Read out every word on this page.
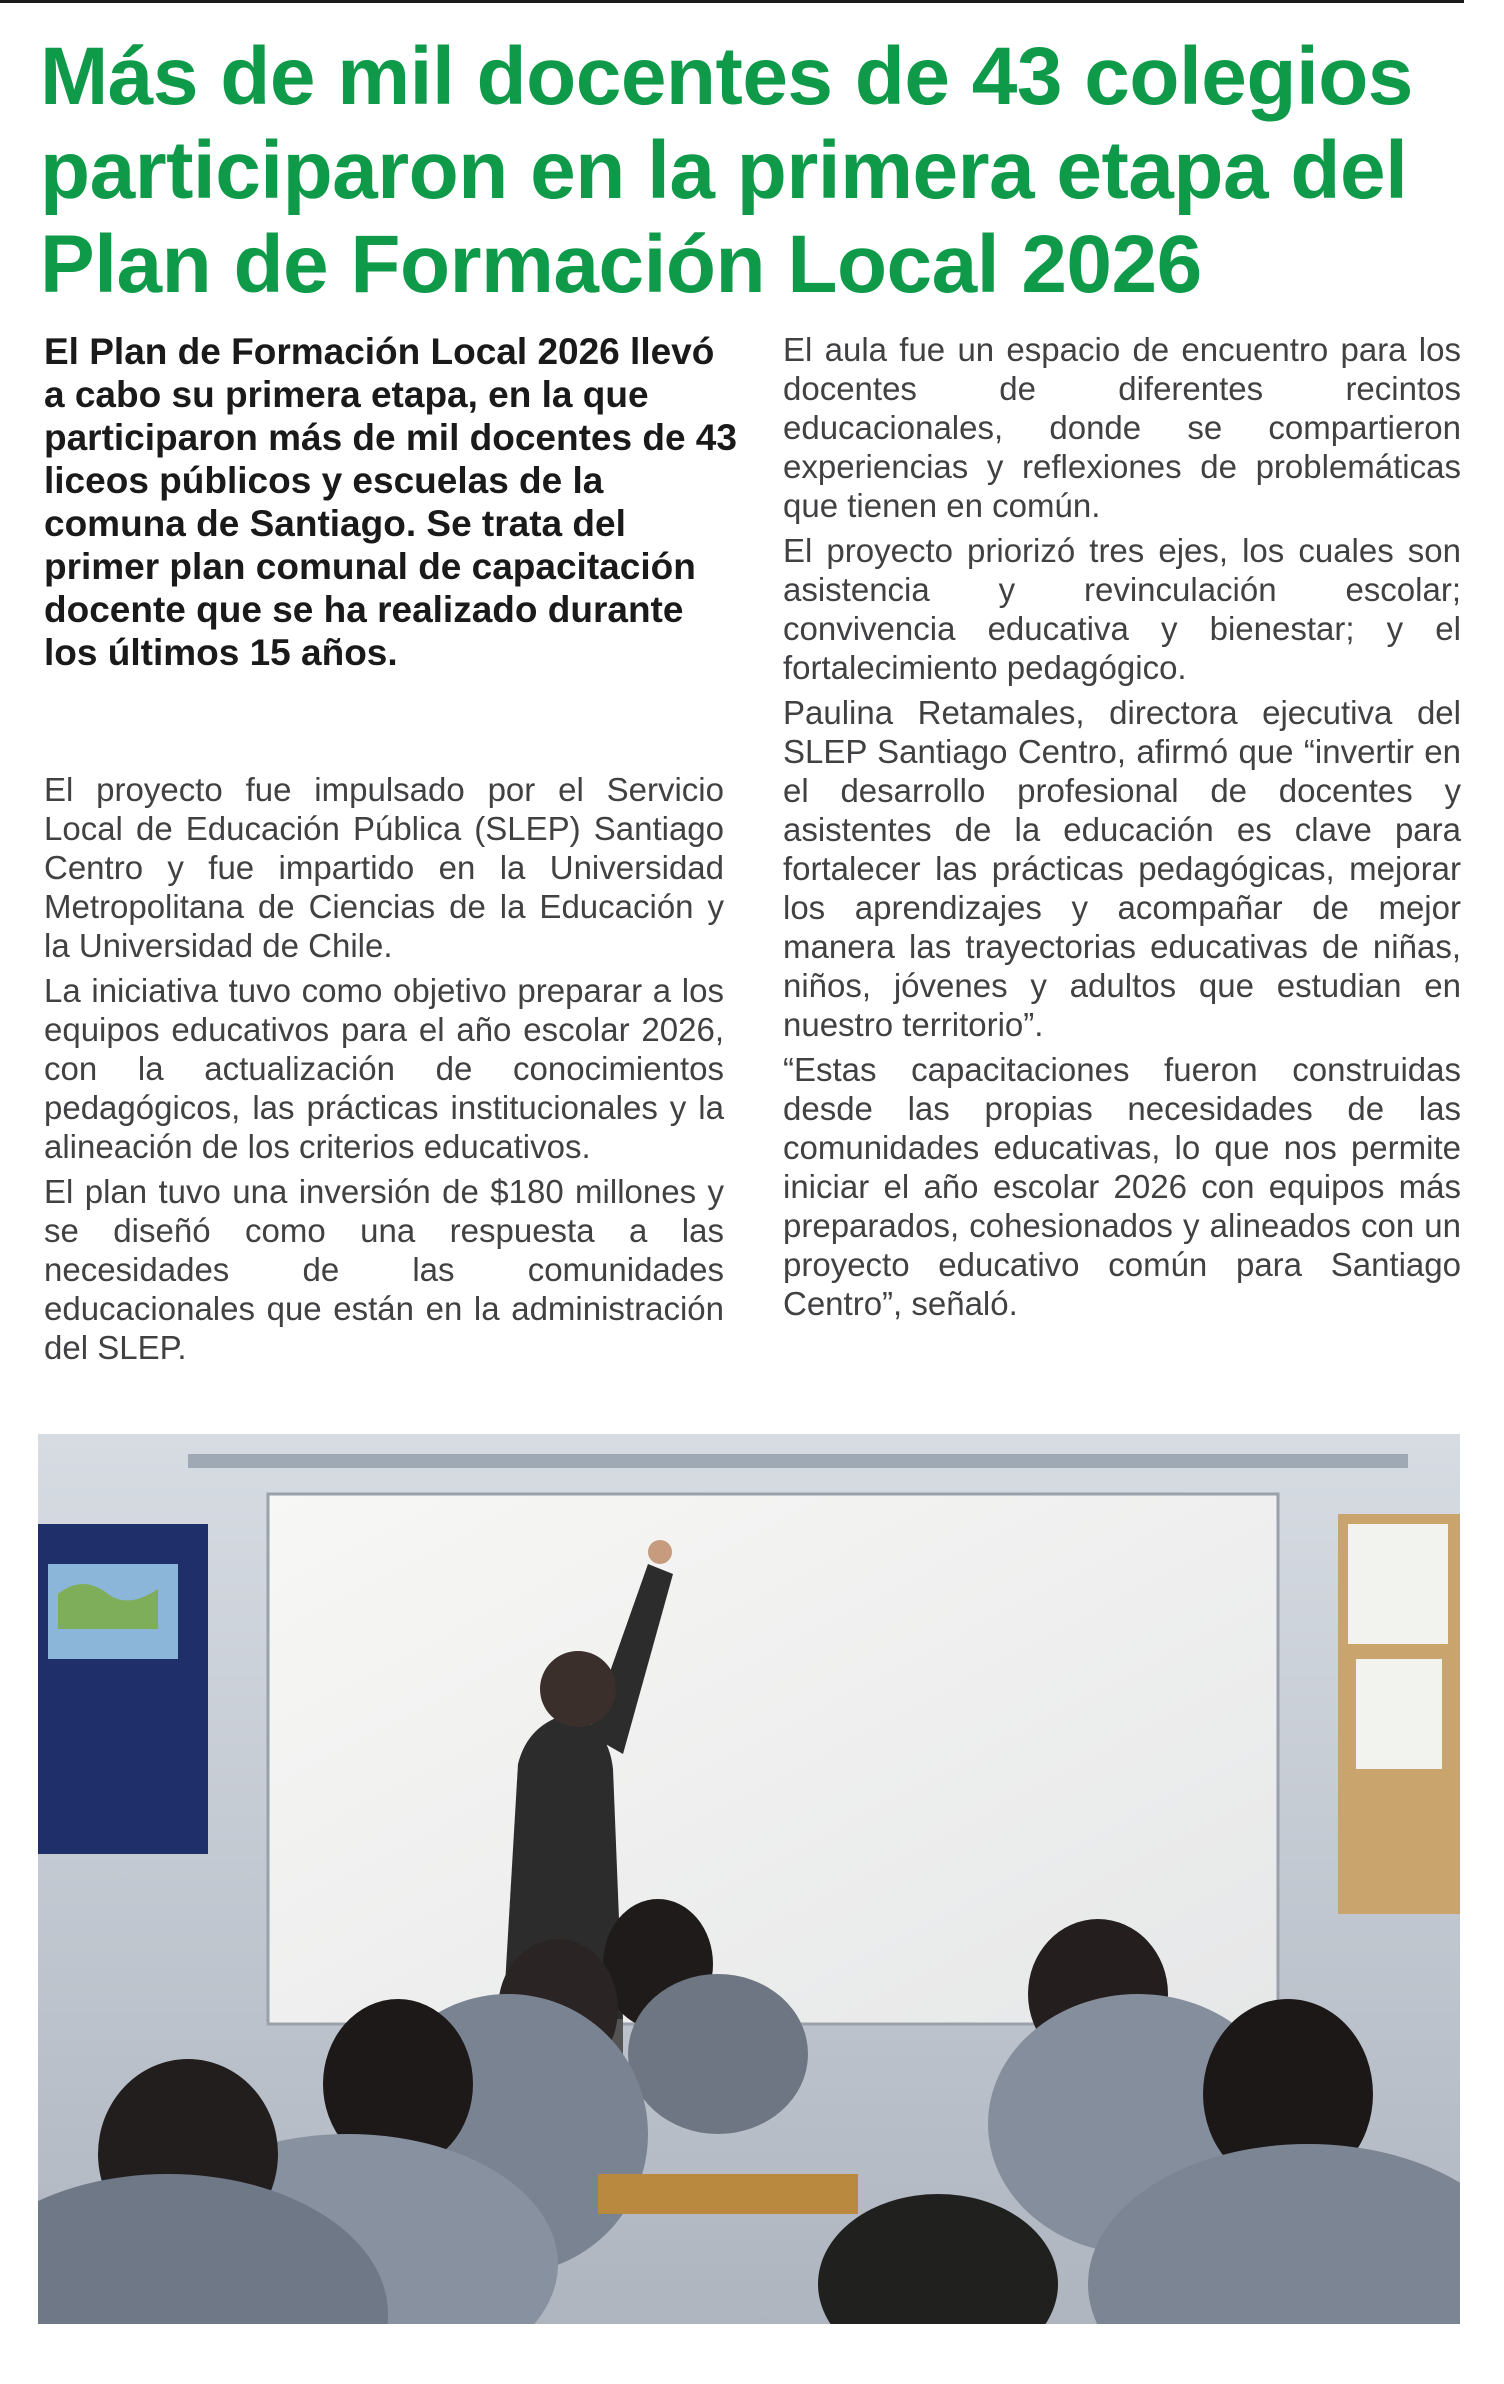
Más de mil docentes de 43 colegios participaron en la primera etapa del Plan de Formación Local 2026

El Plan de Formación Local 2026 llevó a cabo su primera etapa, en la que participaron más de mil docentes de 43 liceos públicos y escuelas de la comuna de Santiago. Se trata del primer plan comunal de capacitación docente que se ha realizado durante los últimos 15 años.

El proyecto fue impulsado por el Servicio Local de Educación Pública (SLEP) Santiago Centro y fue impartido en la Universidad Metropolitana de Ciencias de la Educación y la Universidad de Chile.

La iniciativa tuvo como objetivo preparar a los equipos educativos para el año escolar 2026, con la actualización de conocimientos pedagógicos, las prácticas institucionales y la alineación de los criterios educativos.

El plan tuvo una inversión de $180 millones y se diseñó como una respuesta a las necesidades de las comunidades educacionales que están en la administración del SLEP.

El aula fue un espacio de encuentro para los docentes de diferentes recintos educacionales, donde se compartieron experiencias y reflexiones de problemáticas que tienen en común.

El proyecto priorizó tres ejes, los cuales son asistencia y revinculación escolar; convivencia educativa y bienestar; y el fortalecimiento pedagógico.

Paulina Retamales, directora ejecutiva del SLEP Santiago Centro, afirmó que “invertir en el desarrollo profesional de docentes y asistentes de la educación es clave para fortalecer las prácticas pedagógicas, mejorar los aprendizajes y acompañar de mejor manera las trayectorias educativas de niñas, niños, jóvenes y adultos que estudian en nuestro territorio”.

“Estas capacitaciones fueron construidas desde las propias necesidades de las comunidades educativas, lo que nos permite iniciar el año escolar 2026 con equipos más preparados, cohesionados y alineados con un proyecto educativo común para Santiago Centro”, señaló.
